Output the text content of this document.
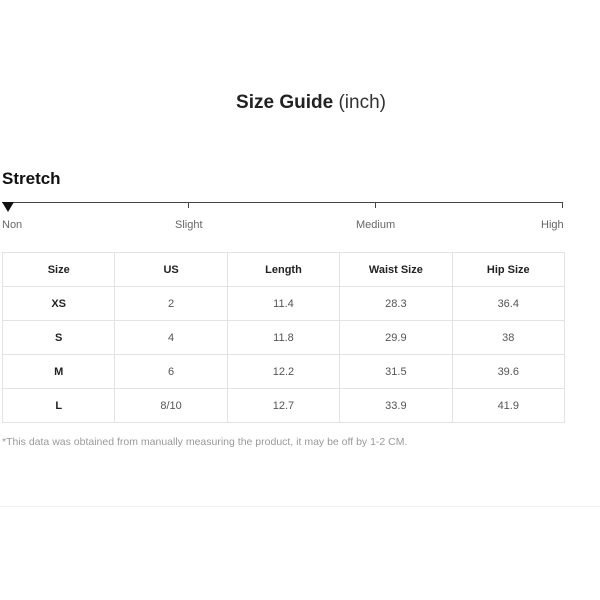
Size Guide (inch)
Stretch
Non	Slight	Medium	High
Size	US	Length	Waist Size	Hip Size
XS	2	11.4	28.3	36.4
S	4	11.8	29.9	38
M	6	12.2	31.5	39.6
L	8/10	12.7	33.9	41.9
*This data was obtained from manually measuring the product, it may be off by 1-2 CM.
